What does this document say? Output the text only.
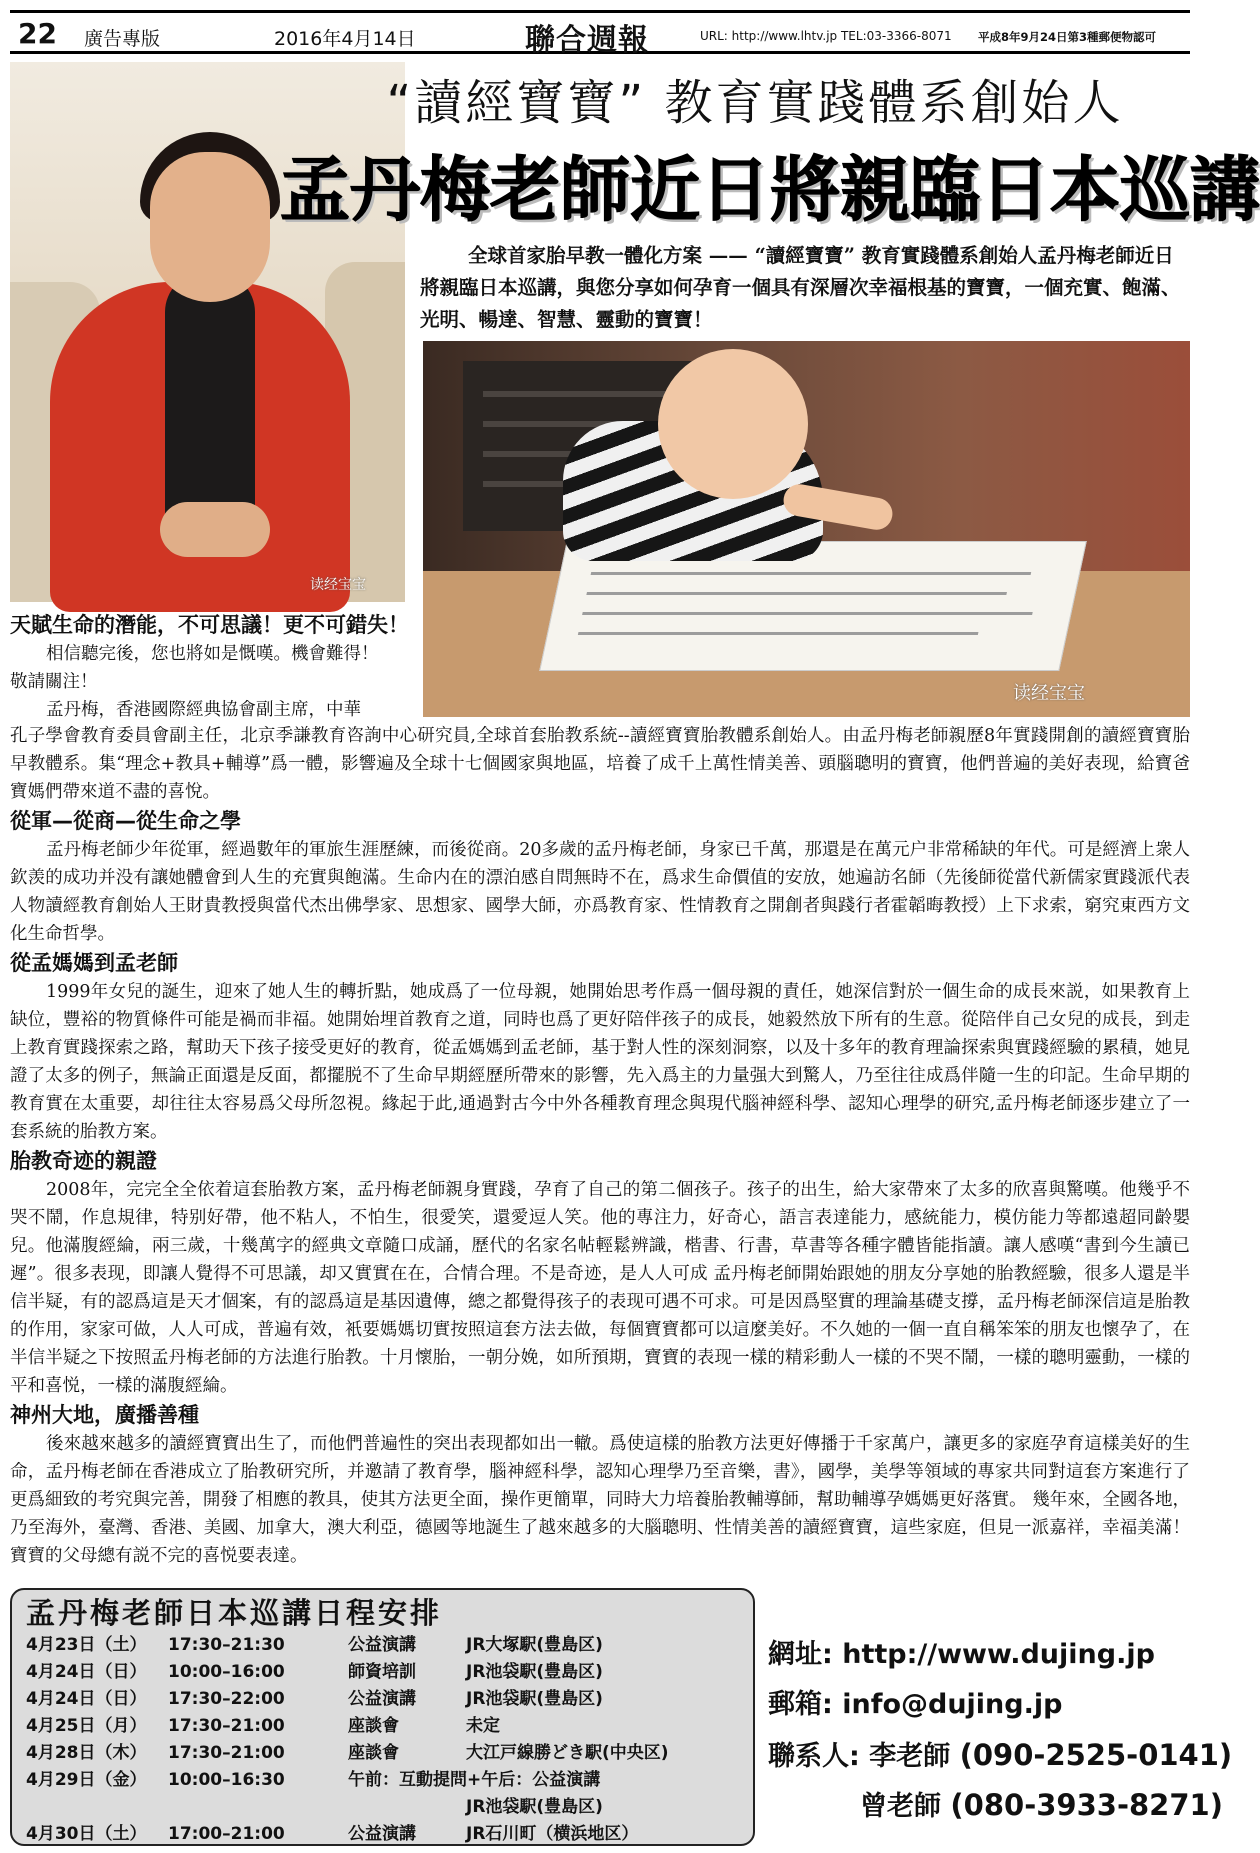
22 廣告專版	2016年4月14日	聯合週報	URL: http://www.lhtv.jp TEL:03-3366-8071 平成8年9月24日第3種郵便物認可
读经宝宝
“讀經寶寶” 教育實踐體系創始人
孟丹梅老師近日將親臨日本巡講
全球首家胎早教一體化方案 —— “讀經寶寶” 教育實踐體系創始人孟丹梅老師近日將親臨日本巡講，與您分享如何孕育一個具有深層次幸福根基的寶寶，一個充實、飽滿、光明、暢達、智慧、靈動的寶寶！
读经宝宝
天賦生命的潛能，不可思議！更不可錯失！
相信聽完後，您也將如是慨嘆。機會難得！
敬請關注！
孟丹梅，香港國際經典協會副主席，中華
孔子學會教育委員會副主任，北京季謙教育咨詢中心研究員,全球首套胎教系統--讀經寶寶胎教體系創始人。由孟丹梅老師親歷8年實踐開創的讀經寶寶胎早教體系。集“理念+教具+輔導”爲一體，影響遍及全球十七個國家與地區，培養了成千上萬性情美善、頭腦聰明的寶寶，他們普遍的美好表现，給寶爸寶媽們帶來道不盡的喜悅。
從軍—從商—從生命之學
孟丹梅老師少年從軍，經過數年的軍旅生涯歷練，而後從商。20多歲的孟丹梅老師，身家已千萬，那還是在萬元户非常稀缺的年代。可是經濟上衆人欽羡的成功并没有讓她體會到人生的充實與飽滿。生命内在的漂泊感自問無時不在，爲求生命價值的安放，她遍訪名師（先後師從當代新儒家實踐派代表人物讀經教育創始人王財貴教授與當代杰出佛學家、思想家、國學大師，亦爲教育家、性情教育之開創者與踐行者霍韜晦教授）上下求索，窮究東西方文化生命哲學。
從孟媽媽到孟老師
1999年女兒的誕生，迎來了她人生的轉折點，她成爲了一位母親，她開始思考作爲一個母親的責任，她深信對於一個生命的成長來説，如果教育上缺位，豐裕的物質條件可能是禍而非福。她開始埋首教育之道，同時也爲了更好陪伴孩子的成長，她毅然放下所有的生意。從陪伴自己女兒的成長，到走上教育實踐探索之路，幫助天下孩子接受更好的教育，從孟媽媽到孟老師，基于對人性的深刻洞察，以及十多年的教育理論探索與實踐經驗的累積，她見證了太多的例子，無論正面還是反面，都擺脱不了生命早期經歷所帶來的影響，先入爲主的力量强大到驚人，乃至往往成爲伴隨一生的印記。生命早期的教育實在太重要，却往往太容易爲父母所忽視。緣起于此,通過對古今中外各種教育理念與現代腦神經科學、認知心理學的研究,孟丹梅老師逐步建立了一套系統的胎教方案。
胎教奇迹的親證
2008年，完完全全依着這套胎教方案，孟丹梅老師親身實踐，孕育了自己的第二個孩子。孩子的出生，給大家帶來了太多的欣喜與驚嘆。他幾乎不哭不鬧，作息規律，特别好帶，他不粘人，不怕生，很愛笑，還愛逗人笑。他的專注力，好奇心，語言表達能力，感統能力，模仿能力等都遠超同齡嬰兒。他滿腹經綸，兩三歲，十幾萬字的經典文章隨口成誦，歷代的名家名帖輕鬆辨識，楷書、行書，草書等各種字體皆能指讀。讓人感嘆“書到今生讀已遲”。很多表现，即讓人覺得不可思議，却又實實在在，合情合理。不是奇迹，是人人可成 孟丹梅老師開始跟她的朋友分享她的胎教經驗，很多人還是半信半疑，有的認爲這是天才個案，有的認爲這是基因遺傳，總之都覺得孩子的表现可遇不可求。可是因爲堅實的理論基礎支撐，孟丹梅老師深信這是胎教的作用，家家可做，人人可成，普遍有效，衹要媽媽切實按照這套方法去做，每個寶寶都可以這麼美好。不久她的一個一直自稱笨笨的朋友也懷孕了，在半信半疑之下按照孟丹梅老師的方法進行胎教。十月懷胎，一朝分娩，如所預期，寶寶的表现一樣的精彩動人一樣的不哭不鬧，一樣的聰明靈動，一樣的平和喜悦，一樣的滿腹經綸。
神州大地，廣播善種
後來越來越多的讀經寶寶出生了，而他們普遍性的突出表现都如出一轍。爲使這樣的胎教方法更好傳播于千家萬户，讓更多的家庭孕育這樣美好的生命，孟丹梅老師在香港成立了胎教研究所，并邀請了教育學，腦神經科學，認知心理學乃至音樂，書》，國學，美學等領域的專家共同對這套方案進行了更爲細致的考究與完善，開發了相應的教具，使其方法更全面，操作更簡單，同時大力培養胎教輔導師，幫助輔導孕媽媽更好落實。 幾年來，全國各地，乃至海外，臺灣、香港、美國、加拿大，澳大利亞，德國等地誕生了越來越多的大腦聰明、性情美善的讀經寶寶，這些家庭，但見一派嘉祥，幸福美滿！寶寶的父母總有説不完的喜悦要表達。
孟丹梅老師日本巡講日程安排
4月23日（土） 17:30–21:30	公益演講	JR大塚駅(豊島区)
4月24日（日） 10:00–16:00	師資培訓	JR池袋駅(豊島区)
4月24日（日） 17:30–22:00	公益演講	JR池袋駅(豊島区)
4月25日（月） 17:30–21:00	座談會	未定
4月28日（木） 17:30–21:00	座談會	大江戸線勝どき駅(中央区)
4月29日（金） 10:00–16:30	午前：互動提問+午后：公益演講
JR池袋駅(豊島区)
4月30日（土） 17:00–21:00	公益演講	JR石川町（横浜地区）
網址: http://www.dujing.jp
郵箱: info@dujing.jp
聯系人: 李老師 (090-2525-0141)
曾老師 (080-3933-8271)
